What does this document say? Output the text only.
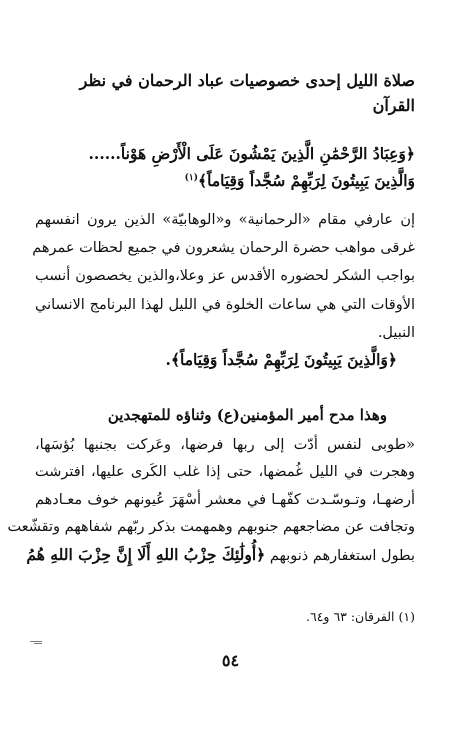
صلاة الليل إحدى خصوصيات عباد الرحمان في نظر
القرآن
﴿وَعِبَادُ الرَّحْمَٰنِ الَّذِينَ يَمْشُونَ عَلَى الْأَرْضِ هَوْناً......
وَالَّذِينَ يَبِيتُونَ لِرَبِّهِمْ سُجَّداً وَقِيَاماً﴾$^{(١)}$
إن عارفي مقام «الرحمانية» و«الوهابيّة» الذين يرون انفسهم
غرقى مواهب حضرة الرحمان يشعرون في جميع لحظات عمرهم
بواجب الشكر لحضوره الأقدس عز وعلا،والذين يخصصون أنسب
الأوقات التي هي ساعات الخلوة في الليل لهذا البرنامج الانساني
النبيل.
﴿وَالَّذِينَ يَبِيتُونَ لِرَبِّهِمْ سُجَّداً وَقِيَاماً﴾.
وهذا مدح أمير المؤمنين(ع) وثناؤه للمتهجدين
«طوبى لنفس أدّت إلى ربها فرضها، وعَركت بجنبها بُؤسَها،
وهجرت في الليل غُمضها، حتى إذا غلب الكَرى عليها، افترشت
أرضهـا، وتـوسّـدت كفّهـا في معشر أسْهَرَ عُيونهم خوف معـادهم
وتجافت عن مضاجعهم جنوبهم وهمهمت بذكر ربّهم شفاههم وتقشّعت
بطول استغفارهم ذنوبهم ﴿أُولَٰئِكَ حِزْبُ اللهِ أَلَا إِنَّ حِزْبَ اللهِ هُمُ
(١) الفرقان: ٦٣ و٦٤.
٥٤
